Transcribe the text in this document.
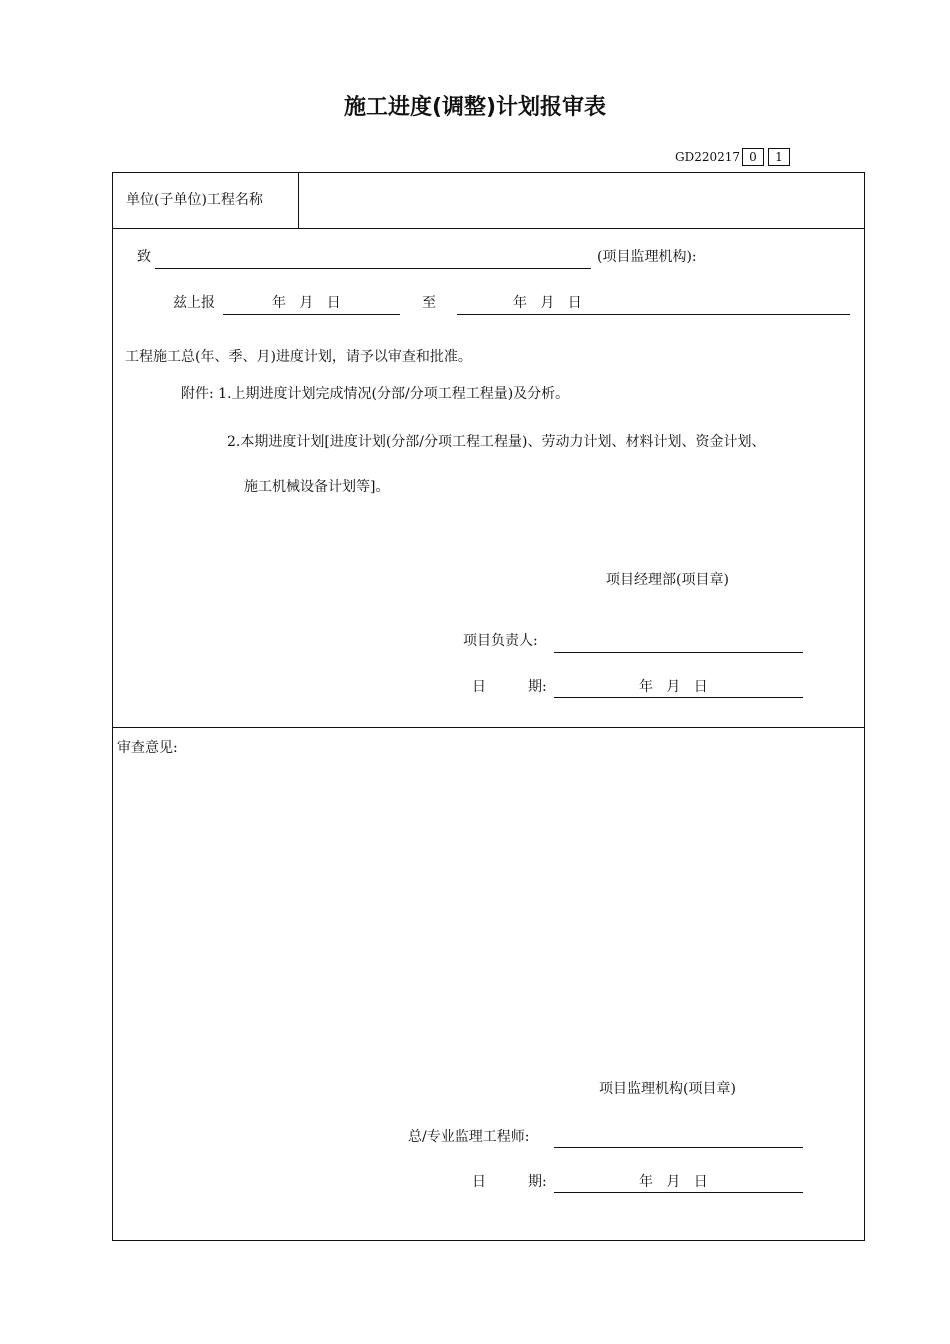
施工进度(调整)计划报审表
GD220217 0	1
单位(子单位)工程名称
致	(项目监理机构):
兹上报	年   月   日	至	年   月   日
工程施工总(年、季、月)进度计划，请予以审查和批准。
附件: 1.上期进度计划完成情况(分部/分项工程工程量)及分析。
2.本期进度计划[进度计划(分部/分项工程工程量)、劳动力计划、材料计划、资金计划、
施工机械设备计划等]。
项目经理部(项目章)
项目负责人:
日	期:	年   月   日
审查意见:
项目监理机构(项目章)
总/专业监理工程师:
日	期:	年   月   日
